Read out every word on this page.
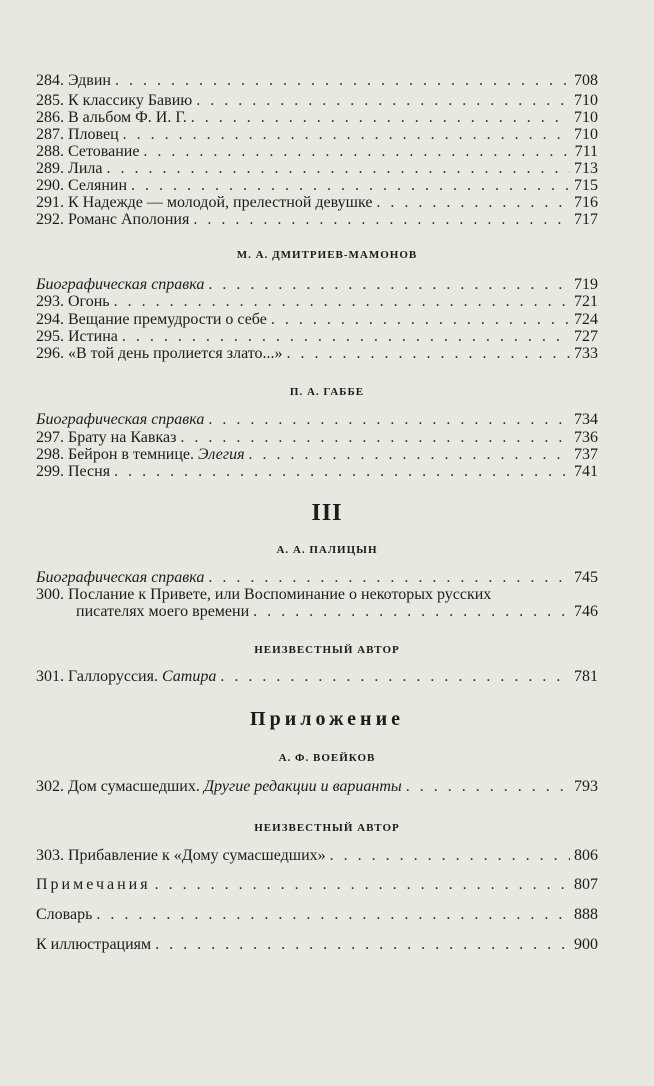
284. Эдвин . . .	708
285. К классику Бавию . . .	710
286. В альбом Ф. И. Г. . . .	710
287. Пловец . . .	710
288. Сетование . . .	711
289. Лила . . .	713
290. Селянин . . .	715
291. К Надежде — молодой, прелестной девушке . . .	716
292. Романс Аполония . . .	717
М. А. ДМИТРИЕВ-МАМОНОВ
Биографическая справка . . .	719
293. Огонь . . .	721
294. Вещание премудрости о себе . . .	724
295. Истина . . .	727
296. «В той день пролиется злато...» . . .	733
П. А. ГАББЕ
Биографическая справка . . .	734
297. Брату на Кавказ . . .	736
298. Бейрон в темнице. Элегия . . .	737
299. Песня . . .	741
III
А. А. ПАЛИЦЫН
Биографическая справка . . .	745
300. Послание к Привете, или Воспоминание о некоторых русских
писателях моего времени . . .	746
НЕИЗВЕСТНЫЙ АВТОР
301. Галлоруссия. Сатира . . .	781
Приложение
А. Ф. ВОЕЙКОВ
302. Дом сумасшедших. Другие редакции и варианты . . .	793
НЕИЗВЕСТНЫЙ АВТОР
303. Прибавление к «Дому сумасшедших» . . .	806
Примечания . . .	807
Словарь . . .	888
К иллюстрациям . . .	900
